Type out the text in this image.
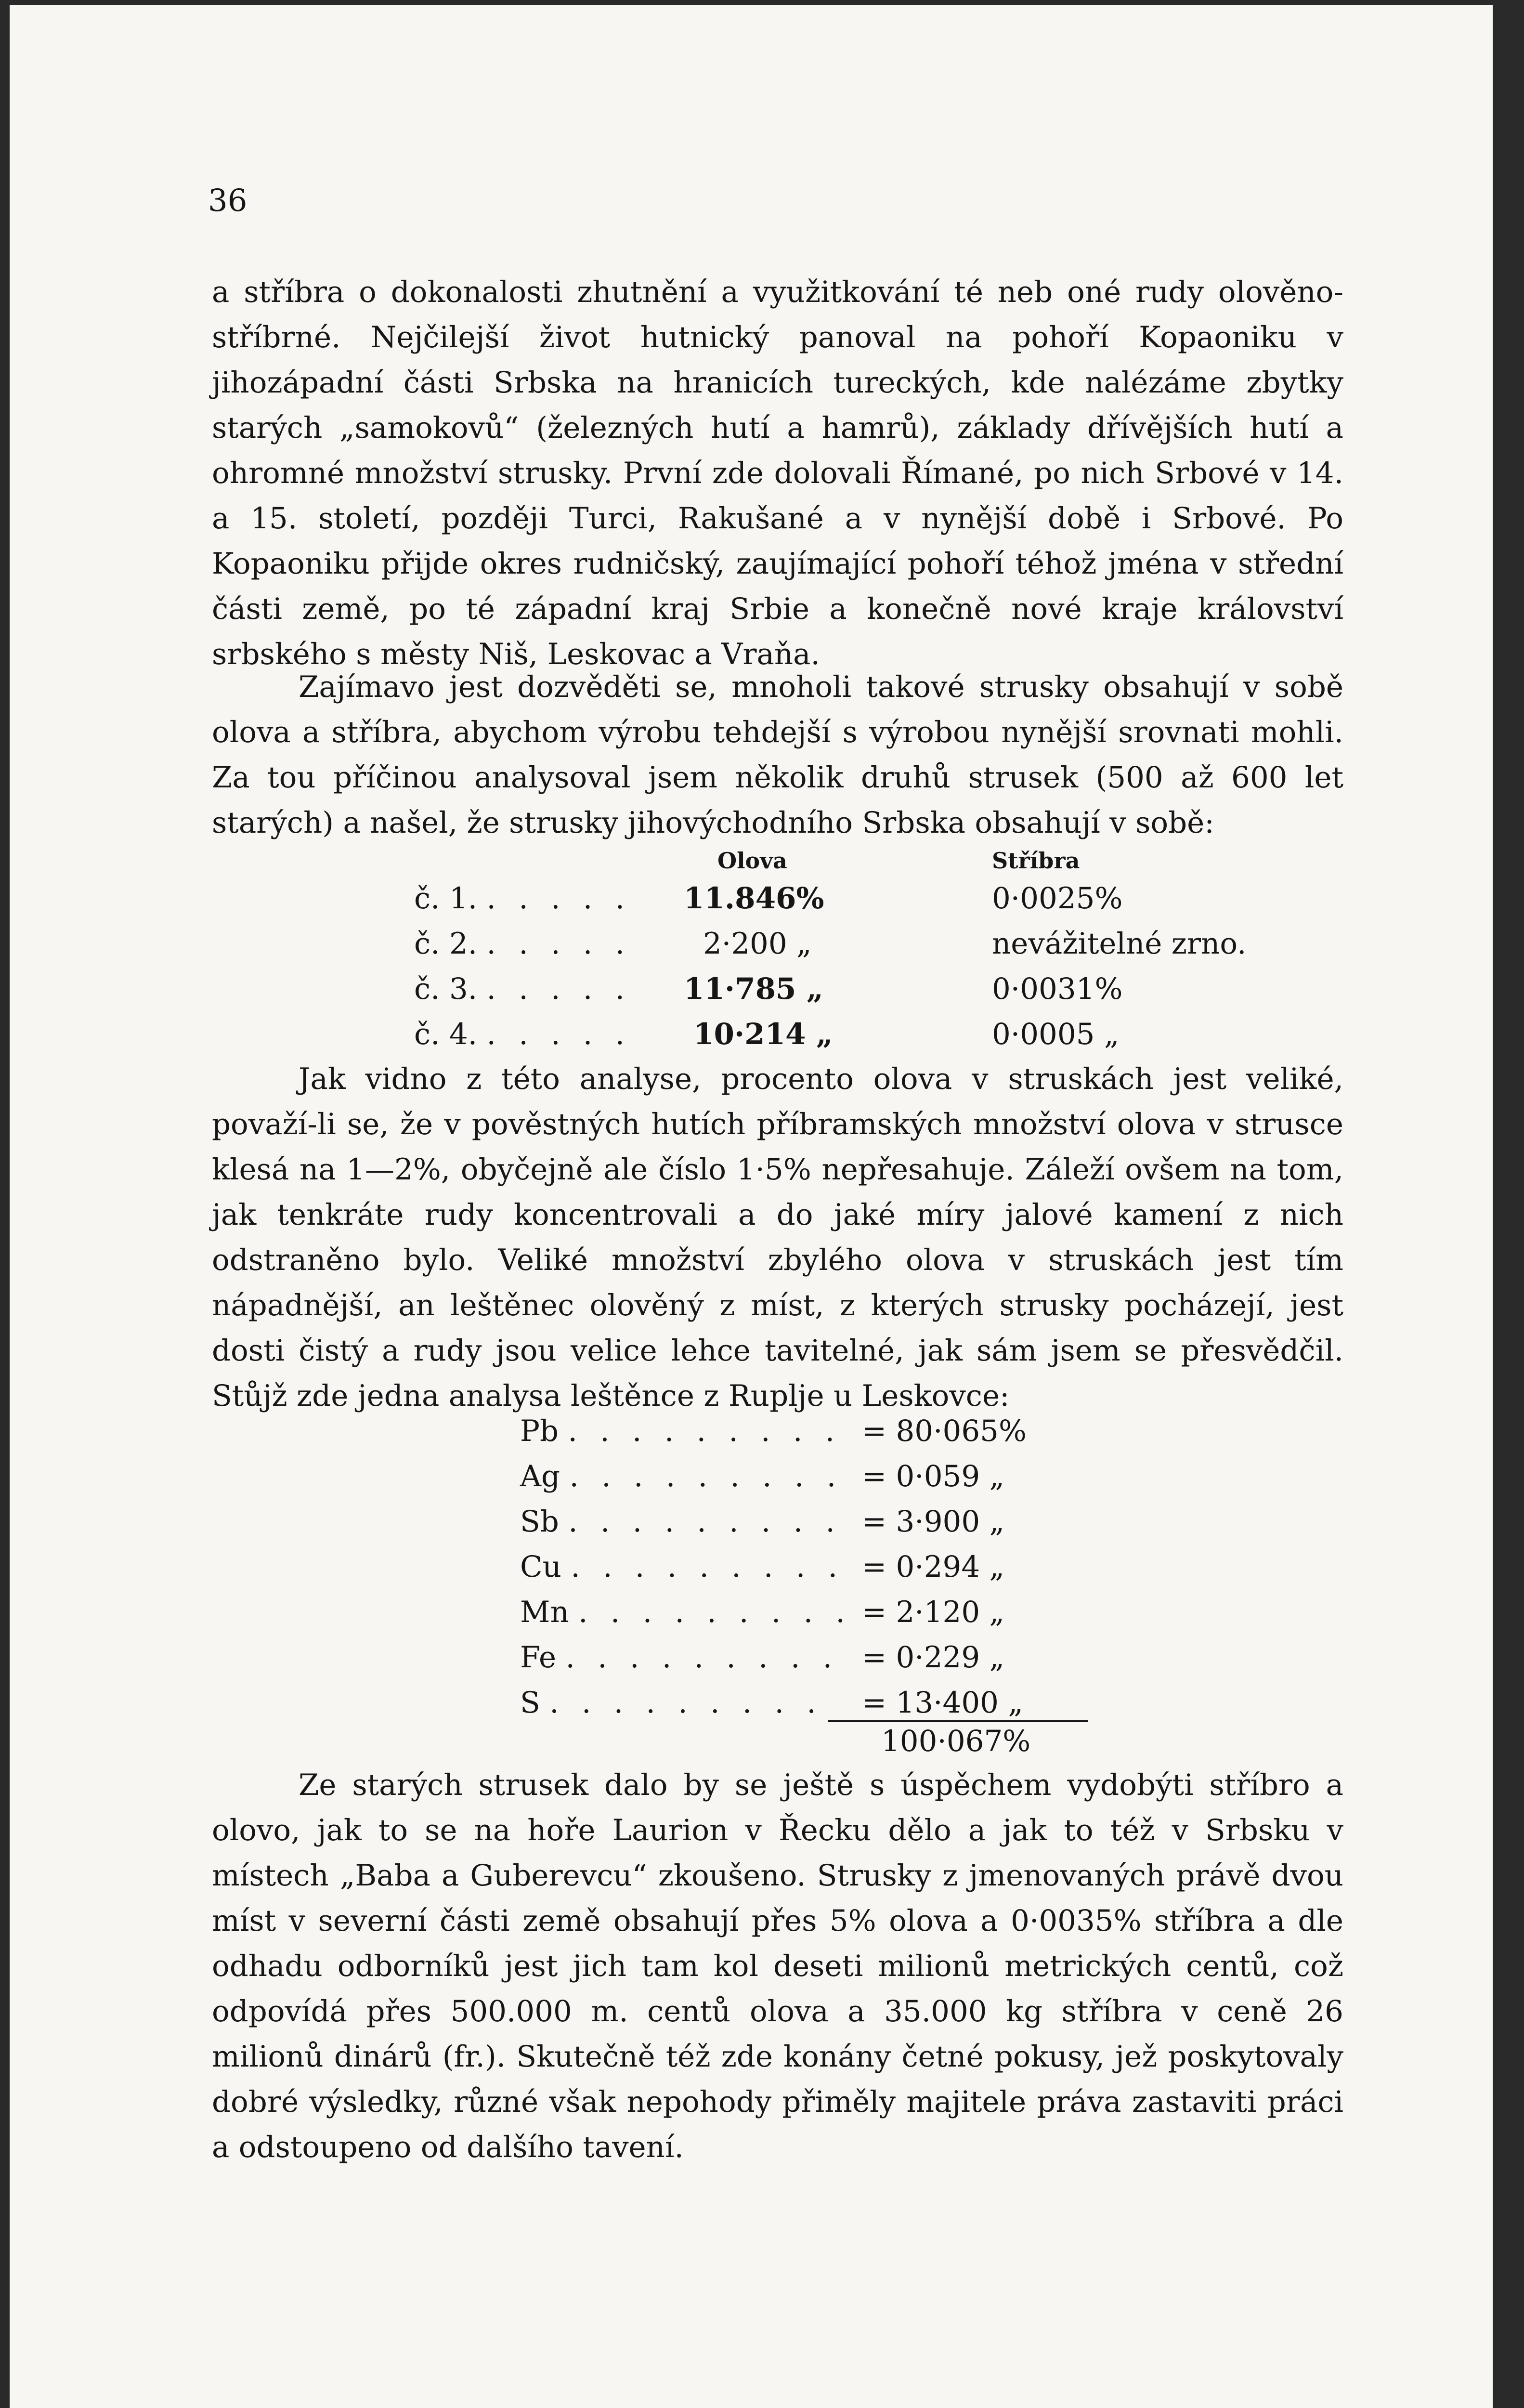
36

a stříbra o dokonalosti zhutnění a využitkování té neb oné rudy olověno-stříbrné. Nejčilejší život hutnický panoval na pohoří Kopaoniku v jihozápadní části Srbska na hranicích tureckých, kde nalézáme zbytky starých „samokovů“ (železných hutí a hamrů), základy dřívějších hutí a ohromné množství strusky. První zde dolovali Římané, po nich Srbové v 14. a 15. století, později Turci, Rakušané a v nynější době i Srbové. Po Kopaoniku přijde okres rudničský, zaujímající pohoří téhož jména v střední části země, po té západní kraj Srbie a konečně nové kraje království srbského s městy Niš, Leskovac a Vraňa.

Zajímavo jest dozvěděti se, mnoholi takové strusky obsahují v sobě olova a stříbra, abychom výrobu tehdejší s výrobou nynější srovnati mohli. Za tou příčinou analysoval jsem několik druhů strusek (500 až 600 let starých) a našel, že strusky jihovýchodního Srbska obsahují v sobě:

Olova	Stříbra
č. 1. . . . . . 11.846%	0·0025%
č. 2. . . . . . 2·200 „	nevážitelné zrno.
č. 3. . . . . . 11·785 „	0·0031%
č. 4. . . . . . 10·214 „	0·0005 „

Jak vidno z této analyse, procento olova v struskách jest veliké, považí-li se, že v pověstných hutích příbramských množství olova v strusce klesá na 1—2%, obyčejně ale číslo 1·5% nepřesahuje. Záleží ovšem na tom, jak tenkráte rudy koncentrovali a do jaké míry jalové kamení z nich odstraněno bylo. Veliké množství zbylého olova v struskách jest tím nápadnější, an leštěnec olověný z míst, z kterých strusky pocházejí, jest dosti čistý a rudy jsou velice lehce tavitelné, jak sám jsem se přesvědčil. Stůjž zde jedna analysa leštěnce z Ruplje u Leskovce:

Pb . . . . . . . . . = 80·065%
Ag . . . . . . . . . = 0·059 „
Sb . . . . . . . . . = 3·900 „
Cu . . . . . . . . . = 0·294 „
Mn . . . . . . . . . = 2·120 „
Fe . . . . . . . . . = 0·229 „
S . . . . . . . . . = 13·400 „
100·067%

Ze starých strusek dalo by se ještě s úspěchem vydobýti stříbro a olovo, jak to se na hoře Laurion v Řecku dělo a jak to též v Srbsku v místech „Baba a Guberevcu“ zkoušeno. Strusky z jmenovaných právě dvou míst v severní části země obsahují přes 5% olova a 0·0035% stříbra a dle odhadu odborníků jest jich tam kol deseti milionů metrických centů, což odpovídá přes 500.000 m. centů olova a 35.000 kg stříbra v ceně 26 milionů dinárů (fr.). Skutečně též zde konány četné pokusy, jež poskytovaly dobré výsledky, různé však nepohody přiměly majitele práva zastaviti práci a odstoupeno od dalšího tavení.
